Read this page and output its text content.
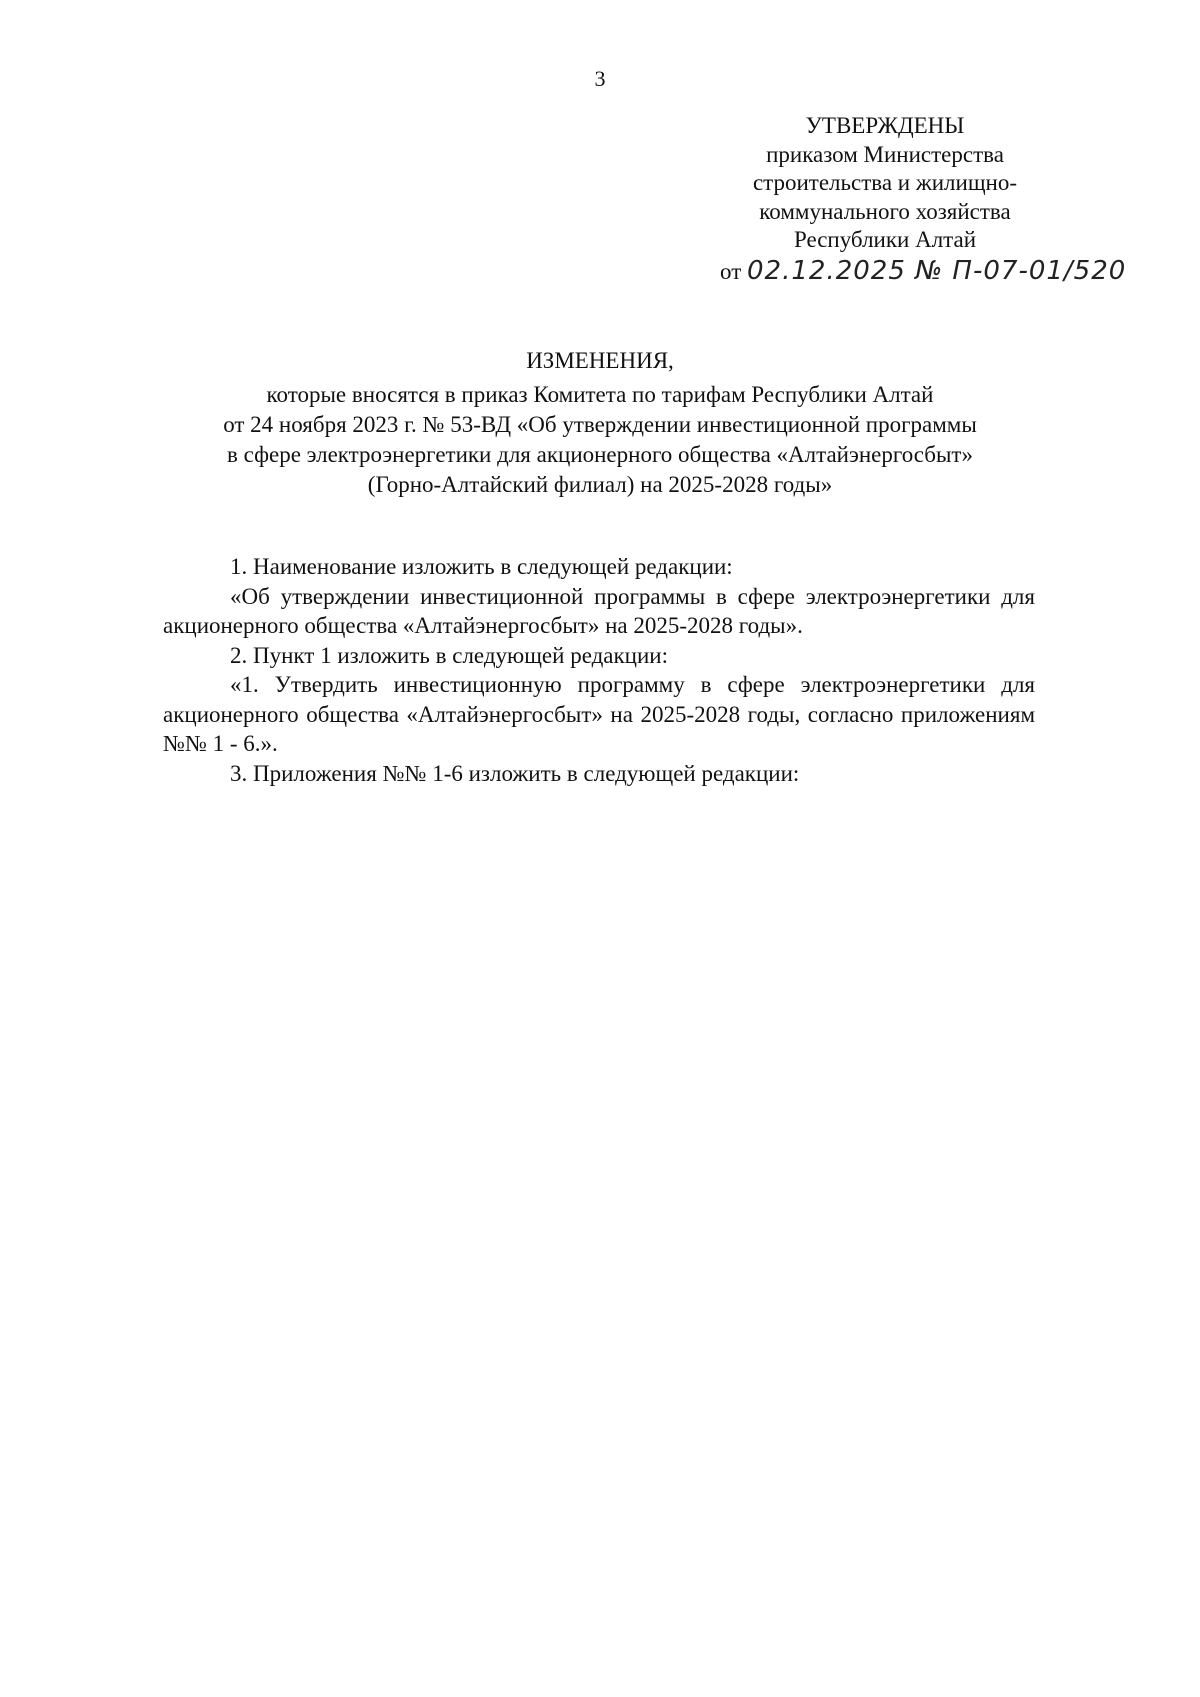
3
УТВЕРЖДЕНЫ
приказом Министерства
строительства и жилищно-
коммунального хозяйства
Республики Алтай
от 02.12.2025 № П-07-01/520
ИЗМЕНЕНИЯ,
которые вносятся в приказ Комитета по тарифам Республики Алтай
от 24 ноября 2023 г. № 53-ВД «Об утверждении инвестиционной программы
в сфере электроэнергетики для акционерного общества «Алтайэнергосбыт»
(Горно-Алтайский филиал) на 2025-2028 годы»

1. Наименование изложить в следующей редакции:

«Об утверждении инвестиционной программы в сфере электроэнергетики для акционерного общества «Алтайэнергосбыт» на 2025-2028 годы».

2. Пункт 1 изложить в следующей редакции:

«1. Утвердить инвестиционную программу в сфере электроэнергетики для акционерного общества «Алтайэнергосбыт» на 2025-2028 годы, согласно приложениям №№ 1 - 6.».

3. Приложения №№ 1-6 изложить в следующей редакции:
